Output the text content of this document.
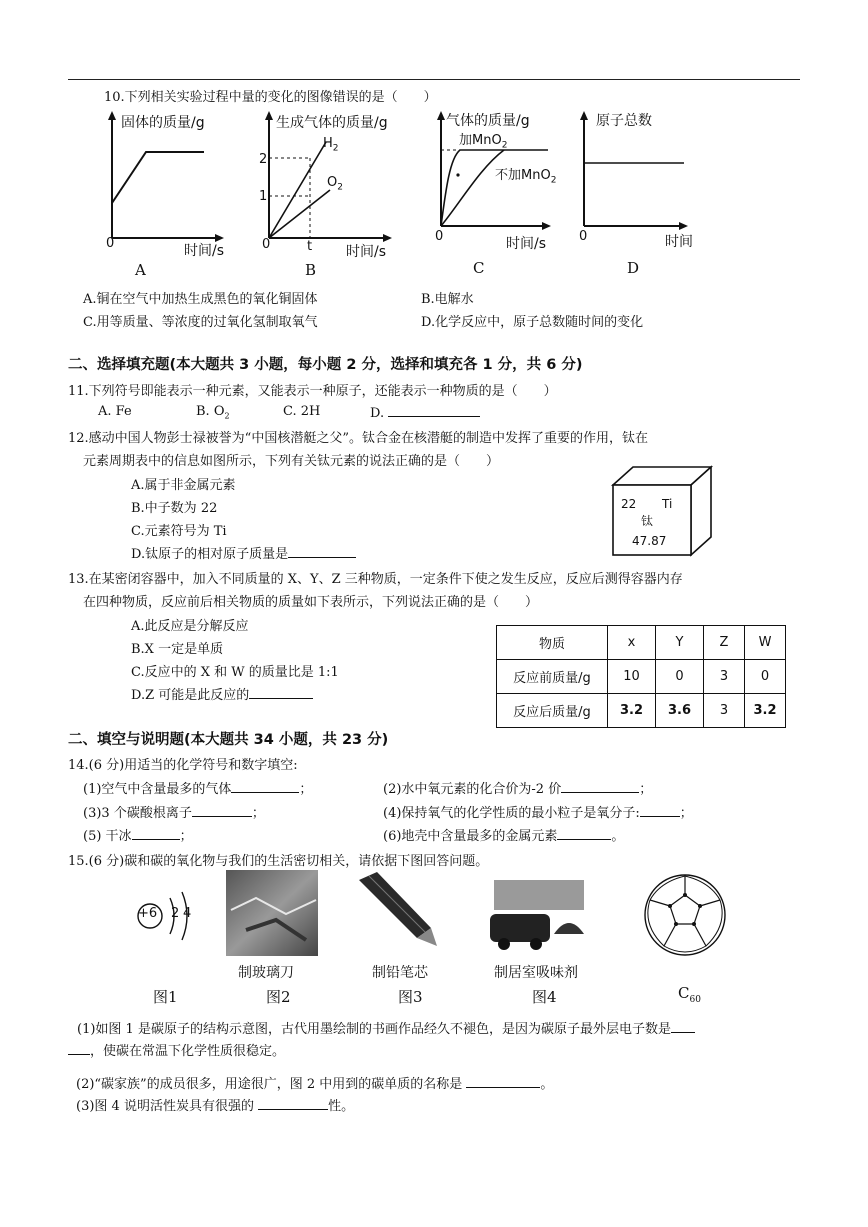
10.下列相关实验过程中量的变化的图像错误的是（　　）
固体的质量/g
0	时间/s
A
生成气体的质量/g
2
1
$H_2$
$O_2$
0	t 时间/s
B
气体的质量/g
加MnO$_2$
不加MnO$_2$
0	时间/s
C
原子总数
0	时间
D
A.铜在空气中加热生成黑色的氧化铜固体	B.电解水
C.用等质量、等浓度的过氧化氢制取氧气	D.化学反应中，原子总数随时间的变化
二、选择填充题(本大题共 3 小题，每小题 2 分，选择和填充各 1 分，共 6 分)
11.下列符号即能表示一种元素，又能表示一种原子，还能表示一种物质的是（　　）
A. Fe	B. $O_2$	C. 2H	D.
12.感动中国人物彭士禄被誉为“中国核潜艇之父”。钛合金在核潜艇的制造中发挥了重要的作用，钛在
元素周期表中的信息如图所示，下列有关钛元素的说法正确的是（　　）
A.属于非金属元素
B.中子数为 22
C.元素符号为 Ti
D.钛原子的相对原子质量是
22 Ti
钛
47.87
13.在某密闭容器中，加入不同质量的 X、Y、Z 三种物质，一定条件下使之发生反应，反应后测得容器内存
在四种物质，反应前后相关物质的质量如下表所示，下列说法正确的是（　　）
A.此反应是分解反应
B.X 一定是单质
C.反应中的 X 和 W 的质量比是 1:1
D.Z 可能是此反应的
物质	x	Y	Z	W
反应前质量/g	10	0	3	0
反应后质量/g	3.2	3.6	3	3.2
二、填空与说明题(本大题共 34 小题，共 23 分)
14.(6 分)用适当的化学符号和数字填空:
(1)空气中含量最多的气体	；	(2)水中氧元素的化合价为-2 价	；
(3)3 个碳酸根离子	；	(4)保持氧气的化学性质的最小粒子是氧分子:	；
(5) 干冰	；	(6)地壳中含量最多的金属元素	。
15.(6 分)碳和碳的氧化物与我们的生活密切相关，请依据下图回答问题。
+6 2 4
制玻璃刀	制铅笔芯	制居室吸味剂
图1	图2	图3	图4	$C_{60}$
(1)如图 1 是碳原子的结构示意图，古代用墨绘制的书画作品经久不褪色，是因为碳原子最外层电子数是
，使碳在常温下化学性质很稳定。
(2)“碳家族”的成员很多，用途很广，图 2 中用到的碳单质的名称是	。
(3)图 4 说明活性炭具有很强的	性。
